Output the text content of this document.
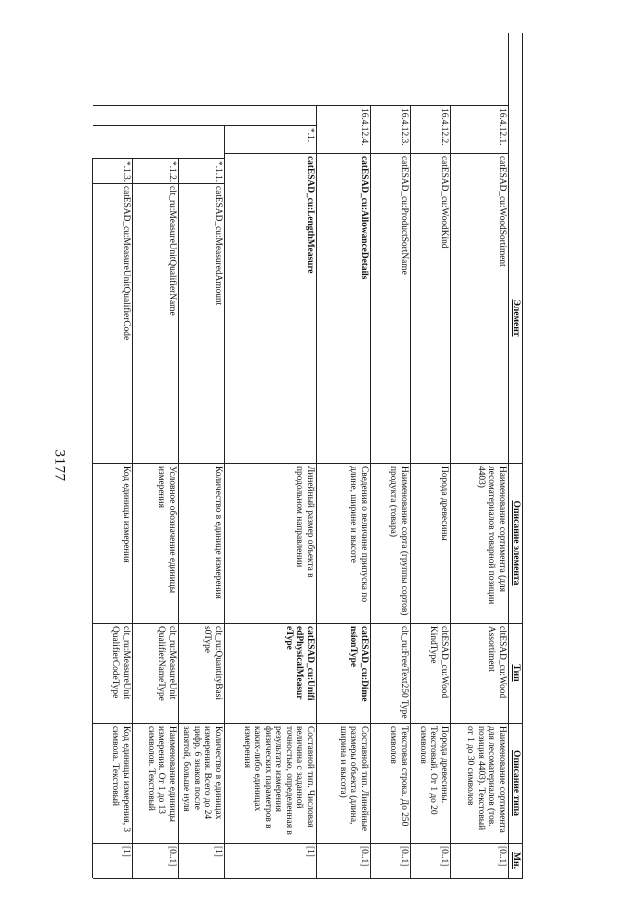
3177
Элемент
Описание элемента
Тип
Описание типа
Мн.
16.4.12.1.
catESAD_cu:WoodSortiment
Наименование сортимента (для лесоматериалов товарной позиции 4403)
cltESAD_cu:Wood Assortiment
Наименование сортимента для лесоматериалов (тов. позиция 4403). Текстовый от 1 до 30 символов
[0..1]
16.4.12.2.
catESAD_cu:WoodKind
Порода древесины
cltESAD_cu:Wood KindType
Порода древесины. Текстовый. От 1 до 20 символов
[0..1]
16.4.12.3.
catESAD_cu:ProductSortName
Наименование сорта (группы сортов) продукта (товара)
clt_ru:FreeText250 Type
Текстовая строка. До 250 символов
[0..1]
16.4.12.4.
catESAD_cu:AllowanceDetails
Сведения о величине припуска по длине, ширине и высоте
catESAD_cu:Dime nsionType
Составной тип. Линейные размеры объекта (длина, ширина и высота)
[0..1]
*.1.
catESAD_cu:LengthMeasure
Линейный размер объекта в продольном направлении
catESAD_cu:Unifi edPhysicalMeasur eType
Составной тип. Числовая величина с заданной точностью, определенная в результате измерения физических параметров в каких-либо единицах измерения
[1]
*.1.1.
catESAD_cu:MeasuredAmount
Количество в единице измерения
clt_ru:QuantityBasi s0Type
Количество в единицах измерения. Всего до 24 цифр, 6 знаков после запятой, больше нуля
[1]
*.1.2.
clt_ru:MeasureUnitQualifierName
Условное обозначение единицы измерения
clt_ru:MeasureUnit QualifierNameType
Наименование единицы измерения. От 1 до 13 символов. Текстовый
[0..1]
*.1.3.
catESAD_cu:MeasureUnitQualifierCode
Код единицы измерения
clt_ru:MeasureUnit QualifierCodeType
Код единицы измерения, 3 символа. Текстовый
[1]
